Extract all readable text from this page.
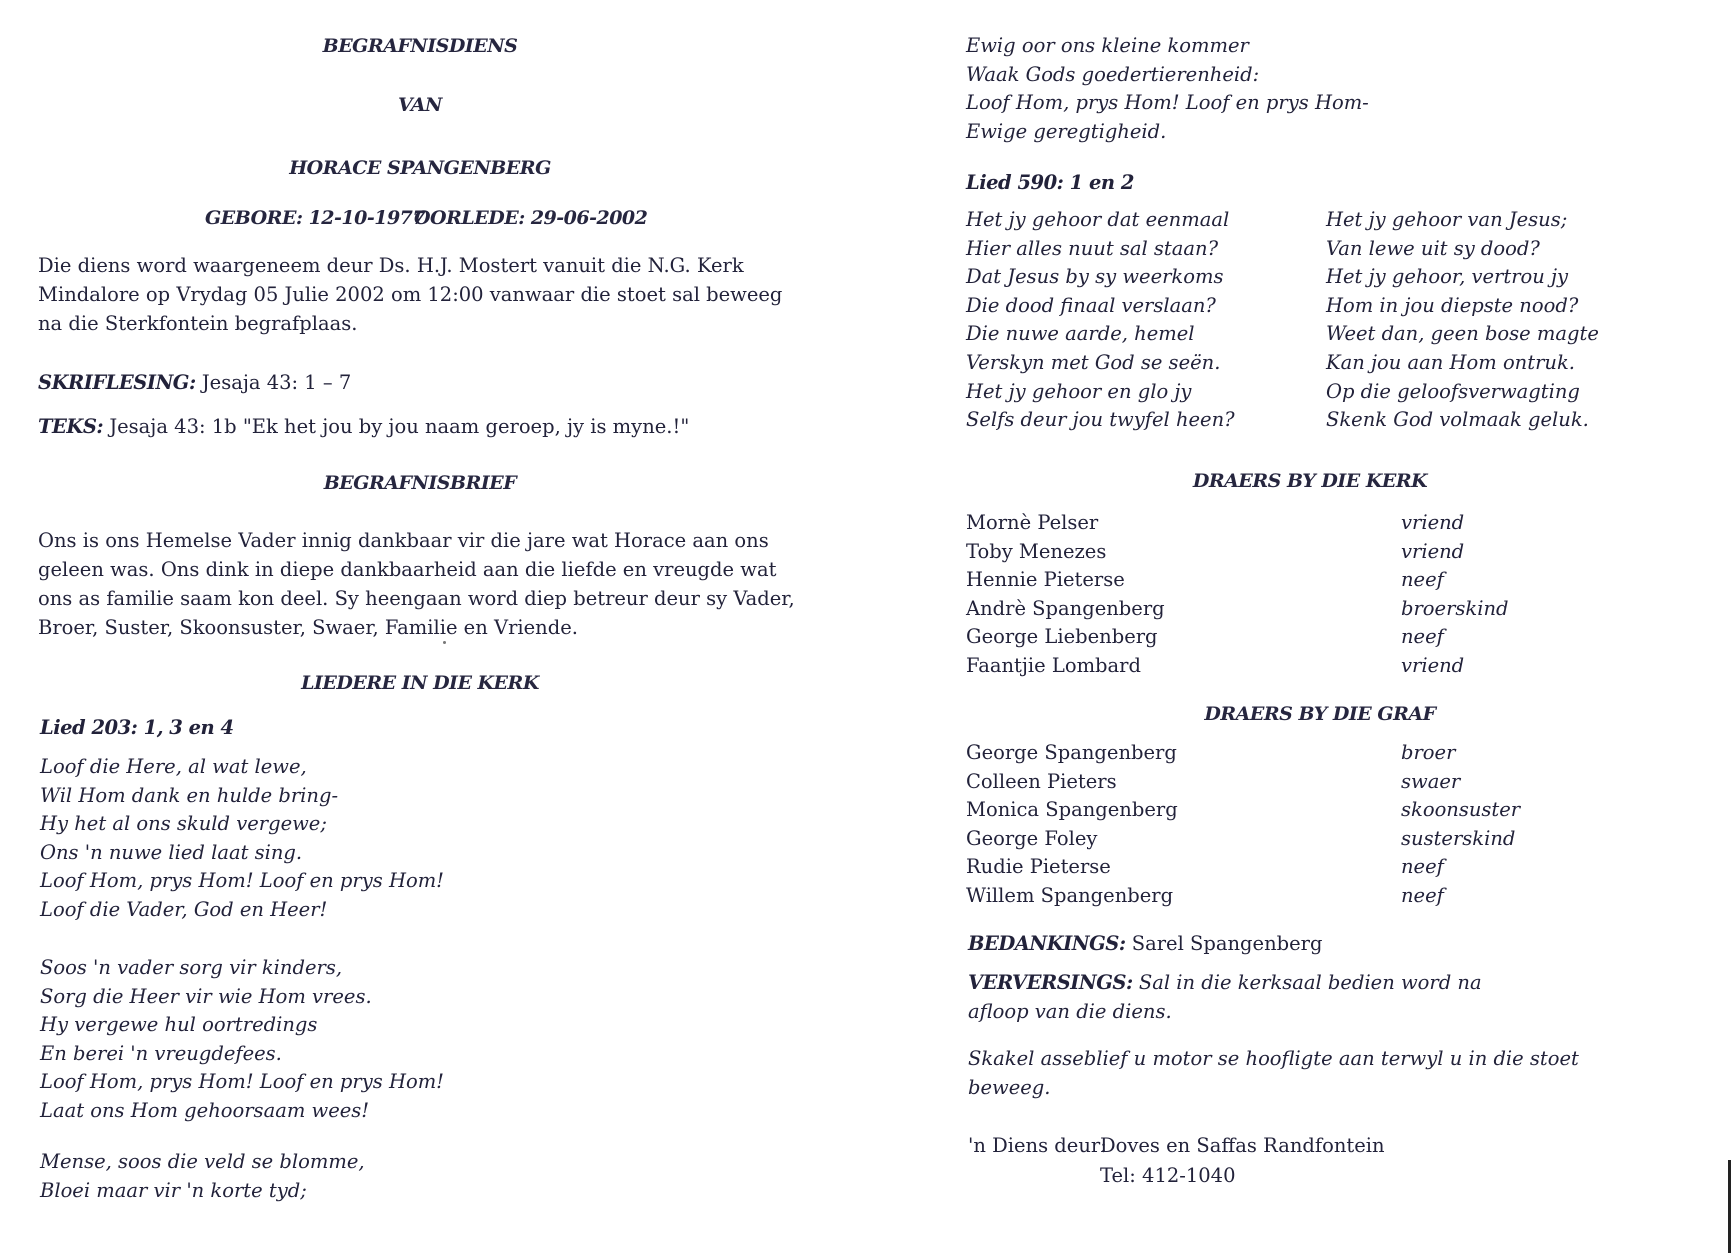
BEGRAFNISDIENS
VAN
HORACE SPANGENBERG
GEBORE: 12-10-1977
OORLEDE: 29-06-2002
Die diens word waargeneem deur Ds. H.J. Mostert vanuit die N.G. Kerk Mindalore op Vrydag 05 Julie 2002 om 12:00 vanwaar die stoet sal beweeg na die Sterkfontein begrafplaas.
SKRIFLESING: Jesaja 43: 1 – 7
TEKS: Jesaja 43: 1b "Ek het jou by jou naam geroep, jy is myne.!"
BEGRAFNISBRIEF
Ons is ons Hemelse Vader innig dankbaar vir die jare wat Horace aan ons geleen was. Ons dink in diepe dankbaarheid aan die liefde en vreugde wat ons as familie saam kon deel. Sy heengaan word diep betreur deur sy Vader, Broer, Suster, Skoonsuster, Swaer, Familie en Vriende.
LIEDERE IN DIE KERK
Lied 203: 1, 3 en 4
Loof die Here, al wat lewe,
Wil Hom dank en hulde bring-
Hy het al ons skuld vergewe;
Ons 'n nuwe lied laat sing.
Loof Hom, prys Hom! Loof en prys Hom!
Loof die Vader, God en Heer!
Soos 'n vader sorg vir kinders,
Sorg die Heer vir wie Hom vrees.
Hy vergewe hul oortredings
En berei 'n vreugdefees.
Loof Hom, prys Hom! Loof en prys Hom!
Laat ons Hom gehoorsaam wees!
Mense, soos die veld se blomme,
Bloei maar vir 'n korte tyd;
Ewig oor ons kleine kommer
Waak Gods goedertierenheid:
Loof Hom, prys Hom! Loof en prys Hom-
Ewige geregtigheid.
Lied 590: 1 en 2
Het jy gehoor dat eenmaal
Hier alles nuut sal staan?
Dat Jesus by sy weerkoms
Die dood finaal verslaan?
Die nuwe aarde, hemel
Verskyn met God se seën.
Het jy gehoor en glo jy
Selfs deur jou twyfel heen?
Het jy gehoor van Jesus;
Van lewe uit sy dood?
Het jy gehoor, vertrou jy
Hom in jou diepste nood?
Weet dan, geen bose magte
Kan jou aan Hom ontruk.
Op die geloofsverwagting
Skenk God volmaak geluk.
DRAERS BY DIE KERK
Mornè Pelser	vriend
Toby Menezes	vriend
Hennie Pieterse	neef
Andrè Spangenberg	broerskind
George Liebenberg	neef
Faantjie Lombard	vriend
DRAERS BY DIE GRAF
George Spangenberg	broer
Colleen Pieters	swaer
Monica Spangenberg	skoonsuster
George Foley	susterskind
Rudie Pieterse	neef
Willem Spangenberg	neef
BEDANKINGS: Sarel Spangenberg
VERVERSINGS: Sal in die kerksaal bedien word na afloop van die diens.
Skakel asseblief u motor se hoofligte aan terwyl u in die stoet beweeg.
'n Diens deur:
Doves en Saffas Randfontein
Tel: 412-1040
